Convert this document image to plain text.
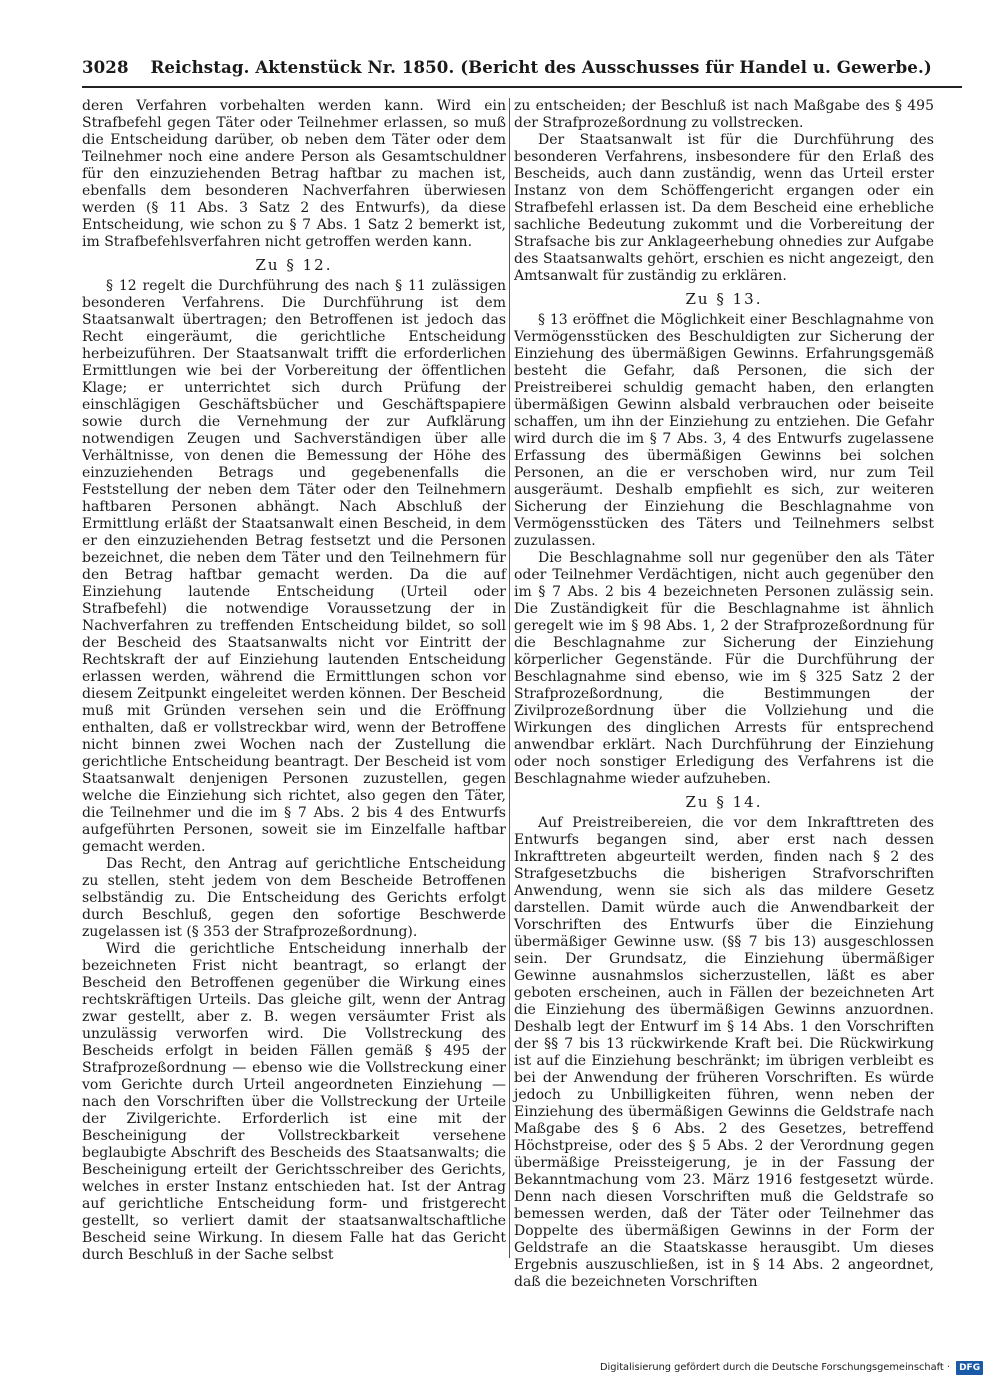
3028 Reichstag. Aktenstück Nr. 1850. (Bericht des Ausschusses für Handel u. Gewerbe.)

deren Verfahren vorbehalten werden kann. Wird ein Strafbefehl gegen Täter oder Teilnehmer erlassen, so muß die Entscheidung darüber, ob neben dem Täter oder dem Teilnehmer noch eine andere Person als Gesamtschuldner für den einzuziehenden Betrag haftbar zu machen ist, ebenfalls dem besonderen Nachverfahren überwiesen werden (§ 11 Abs. 3 Satz 2 des Entwurfs), da diese Entscheidung, wie schon zu § 7 Abs. 1 Satz 2 bemerkt ist, im Strafbefehlsverfahren nicht getroffen werden kann.

Zu § 12.

§ 12 regelt die Durchführung des nach § 11 zulässigen besonderen Verfahrens. Die Durchführung ist dem Staatsanwalt übertragen; den Betroffenen ist jedoch das Recht eingeräumt, die gerichtliche Entscheidung herbeizuführen. Der Staatsanwalt trifft die erforderlichen Ermittlungen wie bei der Vorbereitung der öffentlichen Klage; er unterrichtet sich durch Prüfung der einschlägigen Geschäftsbücher und Geschäftspapiere sowie durch die Vernehmung der zur Aufklärung notwendigen Zeugen und Sachverständigen über alle Verhältnisse, von denen die Bemessung der Höhe des einzuziehenden Betrags und gegebenenfalls die Feststellung der neben dem Täter oder den Teilnehmern haftbaren Personen abhängt. Nach Abschluß der Ermittlung erläßt der Staatsanwalt einen Bescheid, in dem er den einzuziehenden Betrag festsetzt und die Personen bezeichnet, die neben dem Täter und den Teilnehmern für den Betrag haftbar gemacht werden. Da die auf Einziehung lautende Entscheidung (Urteil oder Strafbefehl) die notwendige Voraussetzung der in Nachverfahren zu treffenden Entscheidung bildet, so soll der Bescheid des Staatsanwalts nicht vor Eintritt der Rechtskraft der auf Einziehung lautenden Entscheidung erlassen werden, während die Ermittlungen schon vor diesem Zeitpunkt eingeleitet werden können. Der Bescheid muß mit Gründen versehen sein und die Eröffnung enthalten, daß er vollstreckbar wird, wenn der Betroffene nicht binnen zwei Wochen nach der Zustellung die gerichtliche Entscheidung beantragt. Der Bescheid ist vom Staatsanwalt denjenigen Personen zuzustellen, gegen welche die Einziehung sich richtet, also gegen den Täter, die Teilnehmer und die im § 7 Abs. 2 bis 4 des Entwurfs aufgeführten Personen, soweit sie im Einzelfalle haftbar gemacht werden.

Das Recht, den Antrag auf gerichtliche Entscheidung zu stellen, steht jedem von dem Bescheide Betroffenen selbständig zu. Die Entscheidung des Gerichts erfolgt durch Beschluß, gegen den sofortige Beschwerde zugelassen ist (§ 353 der Strafprozeßordnung).

Wird die gerichtliche Entscheidung innerhalb der bezeichneten Frist nicht beantragt, so erlangt der Bescheid den Betroffenen gegenüber die Wirkung eines rechtskräftigen Urteils. Das gleiche gilt, wenn der Antrag zwar gestellt, aber z. B. wegen versäumter Frist als unzulässig verworfen wird. Die Vollstreckung des Bescheids erfolgt in beiden Fällen gemäß § 495 der Strafprozeßordnung — ebenso wie die Vollstreckung einer vom Gerichte durch Urteil angeordneten Einziehung — nach den Vorschriften über die Vollstreckung der Urteile der Zivilgerichte. Erforderlich ist eine mit der Bescheinigung der Vollstreckbarkeit versehene beglaubigte Abschrift des Bescheids des Staatsanwalts; die Bescheinigung erteilt der Gerichtsschreiber des Gerichts, welches in erster Instanz entschieden hat. Ist der Antrag auf gerichtliche Entscheidung form- und fristgerecht gestellt, so verliert damit der staatsanwaltschaftliche Bescheid seine Wirkung. In diesem Falle hat das Gericht durch Beschluß in der Sache selbst

zu entscheiden; der Beschluß ist nach Maßgabe des § 495 der Strafprozeßordnung zu vollstrecken.

Der Staatsanwalt ist für die Durchführung des besonderen Verfahrens, insbesondere für den Erlaß des Bescheids, auch dann zuständig, wenn das Urteil erster Instanz von dem Schöffengericht ergangen oder ein Strafbefehl erlassen ist. Da dem Bescheid eine erhebliche sachliche Bedeutung zukommt und die Vorbereitung der Strafsache bis zur Anklageerhebung ohnedies zur Aufgabe des Staatsanwalts gehört, erschien es nicht angezeigt, den Amtsanwalt für zuständig zu erklären.

Zu § 13.

§ 13 eröffnet die Möglichkeit einer Beschlagnahme von Vermögensstücken des Beschuldigten zur Sicherung der Einziehung des übermäßigen Gewinns. Erfahrungsgemäß besteht die Gefahr, daß Personen, die sich der Preistreiberei schuldig gemacht haben, den erlangten übermäßigen Gewinn alsbald verbrauchen oder beiseite schaffen, um ihn der Einziehung zu entziehen. Die Gefahr wird durch die im § 7 Abs. 3, 4 des Entwurfs zugelassene Erfassung des übermäßigen Gewinns bei solchen Personen, an die er verschoben wird, nur zum Teil ausgeräumt. Deshalb empfiehlt es sich, zur weiteren Sicherung der Einziehung die Beschlagnahme von Vermögensstücken des Täters und Teilnehmers selbst zuzulassen.

Die Beschlagnahme soll nur gegenüber den als Täter oder Teilnehmer Verdächtigen, nicht auch gegenüber den im § 7 Abs. 2 bis 4 bezeichneten Personen zulässig sein. Die Zuständigkeit für die Beschlagnahme ist ähnlich geregelt wie im § 98 Abs. 1, 2 der Strafprozeßordnung für die Beschlagnahme zur Sicherung der Einziehung körperlicher Gegenstände. Für die Durchführung der Beschlagnahme sind ebenso, wie im § 325 Satz 2 der Strafprozeßordnung, die Bestimmungen der Zivilprozeßordnung über die Vollziehung und die Wirkungen des dinglichen Arrests für entsprechend anwendbar erklärt. Nach Durchführung der Einziehung oder noch sonstiger Erledigung des Verfahrens ist die Beschlagnahme wieder aufzuheben.

Zu § 14.

Auf Preistreibereien, die vor dem Inkrafttreten des Entwurfs begangen sind, aber erst nach dessen Inkrafttreten abgeurteilt werden, finden nach § 2 des Strafgesetzbuchs die bisherigen Strafvorschriften Anwendung, wenn sie sich als das mildere Gesetz darstellen. Damit würde auch die Anwendbarkeit der Vorschriften des Entwurfs über die Einziehung übermäßiger Gewinne usw. (§§ 7 bis 13) ausgeschlossen sein. Der Grundsatz, die Einziehung übermäßiger Gewinne ausnahmslos sicherzustellen, läßt es aber geboten erscheinen, auch in Fällen der bezeichneten Art die Einziehung des übermäßigen Gewinns anzuordnen. Deshalb legt der Entwurf im § 14 Abs. 1 den Vorschriften der §§ 7 bis 13 rückwirkende Kraft bei. Die Rückwirkung ist auf die Einziehung beschränkt; im übrigen verbleibt es bei der Anwendung der früheren Vorschriften. Es würde jedoch zu Unbilligkeiten führen, wenn neben der Einziehung des übermäßigen Gewinns die Geldstrafe nach Maßgabe des § 6 Abs. 2 des Gesetzes, betreffend Höchstpreise, oder des § 5 Abs. 2 der Verordnung gegen übermäßige Preissteigerung, je in der Fassung der Bekanntmachung vom 23. März 1916 festgesetzt würde. Denn nach diesen Vorschriften muß die Geldstrafe so bemessen werden, daß der Täter oder Teilnehmer das Doppelte des übermäßigen Gewinns in der Form der Geldstrafe an die Staatskasse herausgibt. Um dieses Ergebnis auszuschließen, ist in § 14 Abs. 2 angeordnet, daß die bezeichneten Vorschriften

Digitalisierung gefördert durch die Deutsche Forschungsgemeinschaft · DFG
